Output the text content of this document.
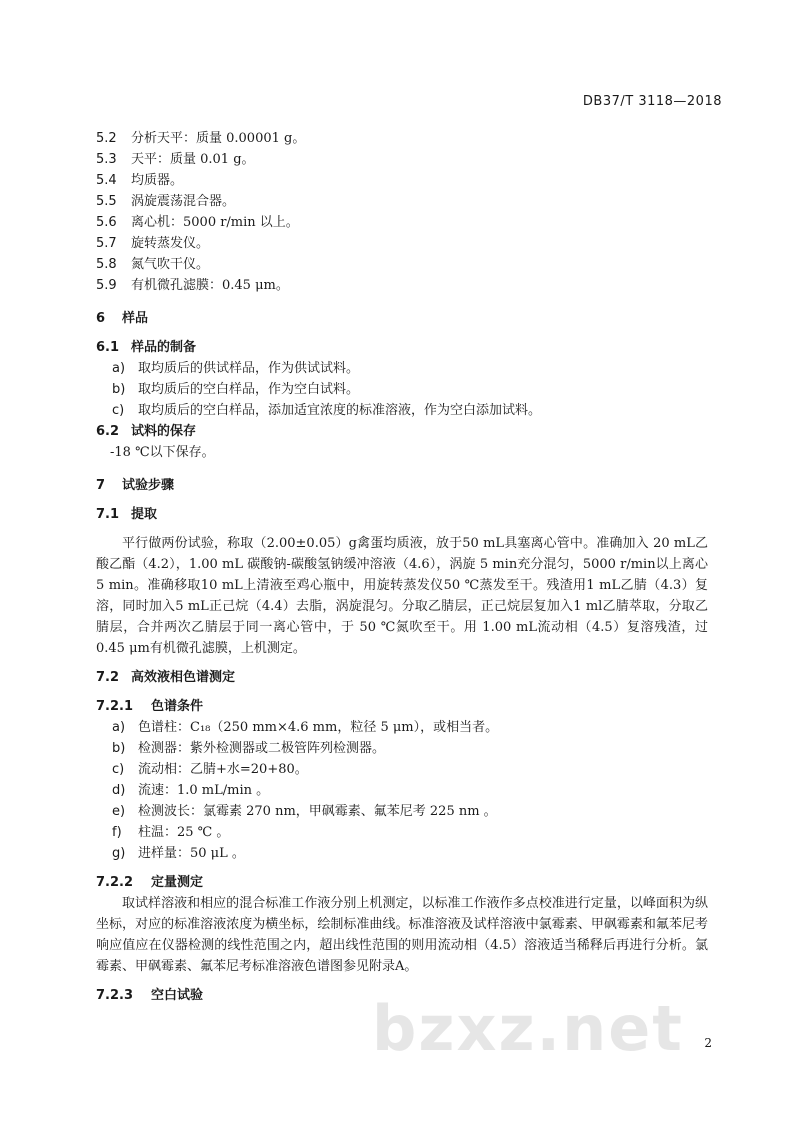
DB37/T 3118—2018
5.2 分析天平：质量 0.00001 g。
5.3 天平：质量 0.01 g。
5.4 均质器。
5.5 涡旋震荡混合器。
5.6 离心机：5000 r/min 以上。
5.7 旋转蒸发仪。
5.8 氮气吹干仪。
5.9 有机微孔滤膜：0.45 μm。
6 样品
6.1 样品的制备
a) 取均质后的供试样品，作为供试试料。
b) 取均质后的空白样品，作为空白试料。
c) 取均质后的空白样品，添加适宜浓度的标准溶液，作为空白添加试料。
6.2 试料的保存
-18 ℃以下保存。
7 试验步骤
7.1 提取

平行做两份试验，称取（2.00±0.05）g禽蛋均质液，放于50 mL具塞离心管中。准确加入 20 mL乙酸乙酯（4.2），1.00 mL 碳酸钠-碳酸氢钠缓冲溶液（4.6），涡旋 5 min充分混匀，5000 r/min以上离心 5 min。准确移取10 mL上清液至鸡心瓶中，用旋转蒸发仪50 ℃蒸发至干。残渣用1 mL乙腈（4.3）复溶，同时加入5 mL正己烷（4.4）去脂，涡旋混匀。分取乙腈层，正己烷层复加入1 ml乙腈萃取，分取乙腈层，合并两次乙腈层于同一离心管中，于 50 ℃氮吹至干。用 1.00 mL流动相（4.5）复溶残渣，过 0.45 μm有机微孔滤膜，上机测定。

7.2 高效液相色谱测定
7.2.1 色谱条件
a) 色谱柱：C₁₈（250 mm×4.6 mm，粒径 5 μm），或相当者。
b) 检测器：紫外检测器或二极管阵列检测器。
c) 流动相：乙腈+水=20+80。
d) 流速：1.0 mL/min 。
e) 检测波长：氯霉素 270 nm，甲砜霉素、氟苯尼考 225 nm 。
f) 柱温：25 ℃ 。
g) 进样量：50 μL 。
7.2.2 定量测定

取试样溶液和相应的混合标准工作液分别上机测定，以标准工作液作多点校准进行定量，以峰面积为纵坐标，对应的标准溶液浓度为横坐标，绘制标准曲线。标准溶液及试样溶液中氯霉素、甲砜霉素和氟苯尼考响应值应在仪器检测的线性范围之内，超出线性范围的则用流动相（4.5）溶液适当稀释后再进行分析。氯霉素、甲砜霉素、氟苯尼考标准溶液色谱图参见附录A。

7.2.3 空白试验	bzxz.net 2
